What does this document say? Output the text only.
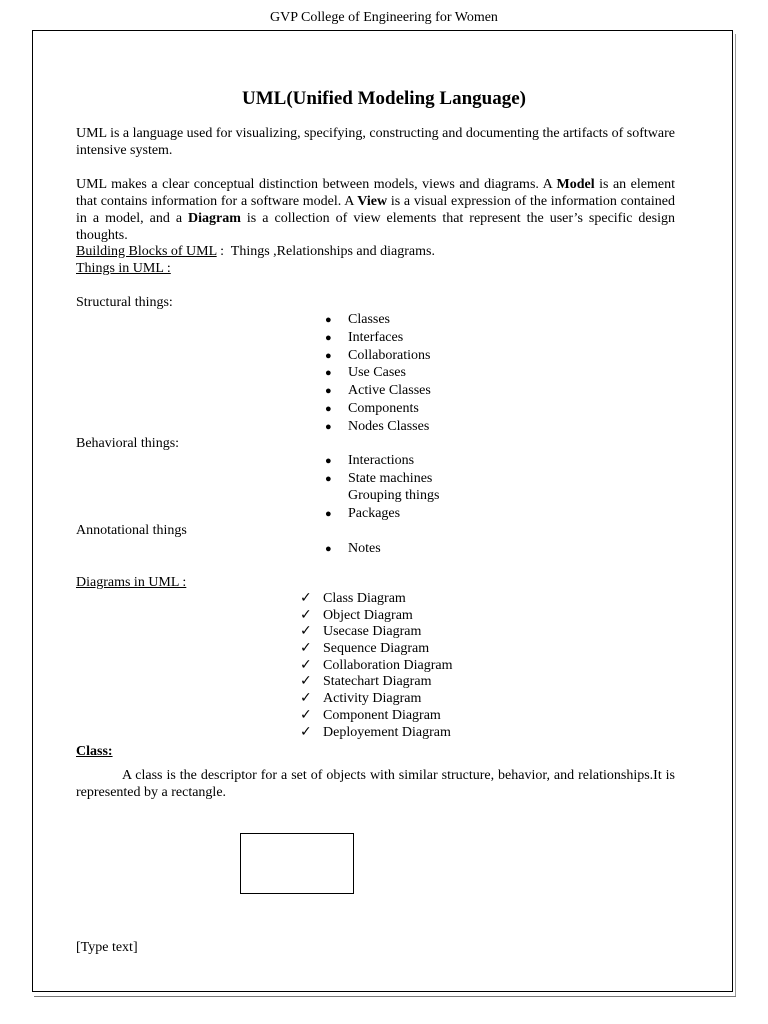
GVP College of Engineering for Women
UML(Unified Modeling Language)

UML is a language used for visualizing, specifying, constructing and documenting the artifacts of software intensive system.

UML makes a clear conceptual distinction between models, views and diagrams. A Model is an element that contains information for a software model. A View is a visual expression of the information contained in a model, and a Diagram is a collection of view elements that represent the user’s specific design thoughts.

Building Blocks of UML :  Things ,Relationships and diagrams.

Things in UML :

Structural things:

● Classes
● Interfaces
● Collaborations
● Use Cases
● Active Classes
● Components
● Nodes Classes

Behavioral things:

● Interactions
● State machines

Grouping things

● Packages

Annotational things

● Notes

Diagrams in UML :

✓ Class Diagram
✓ Object Diagram
✓ Usecase Diagram
✓ Sequence Diagram
✓ Collaboration Diagram
✓ Statechart Diagram
✓ Activity Diagram
✓ Component Diagram
✓ Deployement Diagram

Class:

A class is the descriptor for a set of objects with similar structure, behavior, and relationships.It is represented by a rectangle.

[Type text]
